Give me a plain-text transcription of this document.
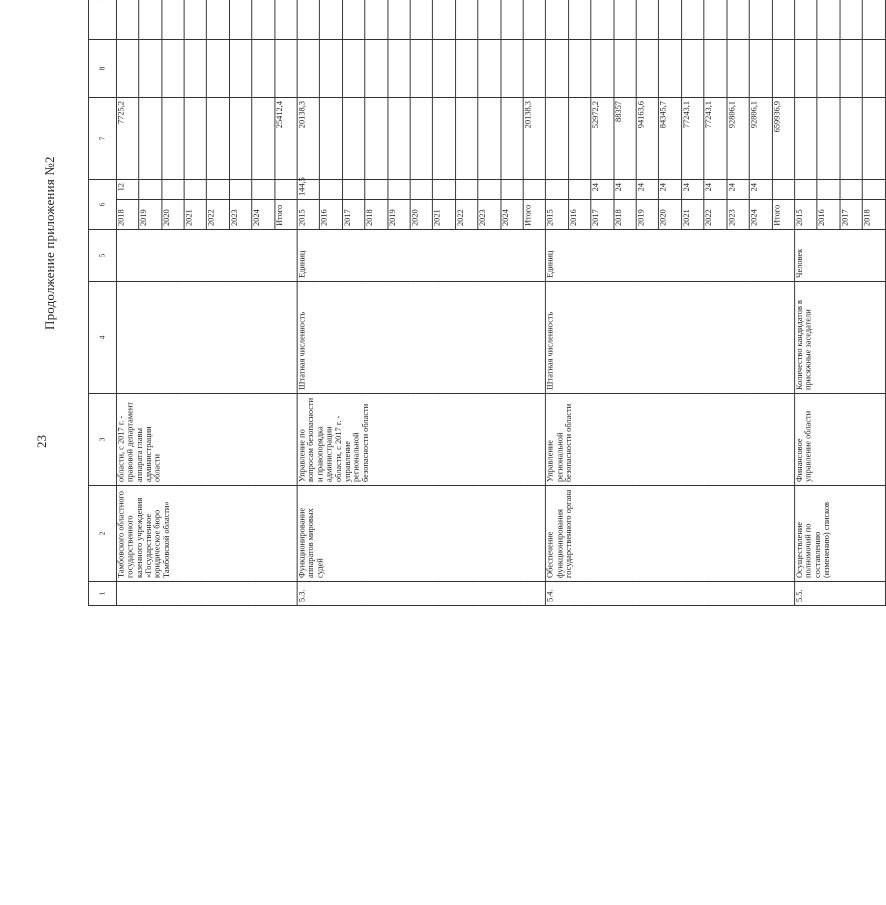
23
Продолжение приложения №2
1	2	3	4	5	6		7	8			
	Тамбовского областного государственного казенного учреждения «Государственное юридическое бюро Тамбовской области»	области, с 2017 г. - правовой департамент аппарата главы администрации области			2018	12	7725,2				
					2019						
					2020						
					2021						
					2022						
					2023						
					2024						
					Итого		25412,4				
5.3.	Функционирование аппаратов мировых судей	Управление по вопросам безопасности и правопорядка администрации области, с 2017 г. - управление региональной безопасности области	Штатная численность	Единиц	2015	144,5	20138,3				
					2016						
					2017						
					2018						
					2019						
					2020						
					2021						
					2022						
					2023						
					2024						
					Итого		20138,3				
5.4.	Обеспечение функционирования государственного органа	Управление региональной безопасности области	Штатная численность	Единиц	2015						
					2016						
					2017	24	52972,2				
					2018	24	88357				
					2019	24	94163,6				
					2020	24	84345,7				
					2021	24	77243,1				
					2022	24	77243,1				
					2023	24	92806,1				
					2024	24	92806,1				
					Итого		659936,9				
5.5.	Осуществление полномочий по составлению (изменению) списков	Финансовое управление области	Количество кандидатов в присяжные заседатели	Человек	2015						
					2016						
					2017						
					2018						
